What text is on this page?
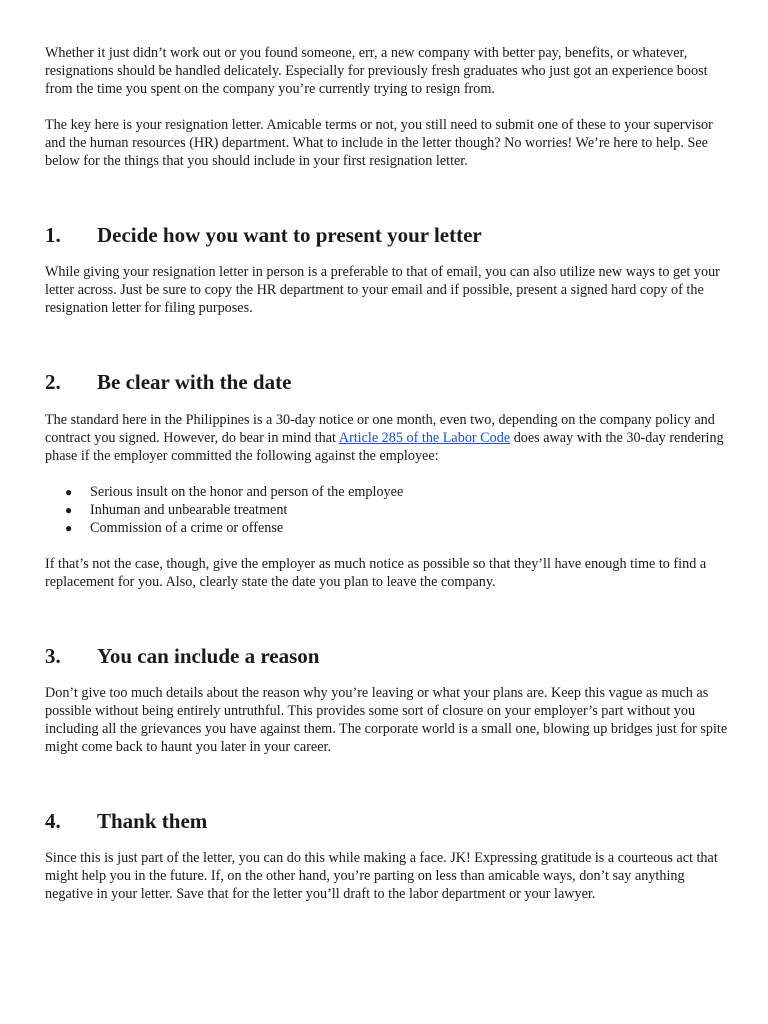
Whether it just didn’t work out or you found someone, err, a new company with better pay, benefits, or whatever, resignations should be handled delicately. Especially for previously fresh graduates who just got an experience boost from the time you spent on the company you’re currently trying to resign from.

The key here is your resignation letter. Amicable terms or not, you still need to submit one of these to your supervisor and the human resources (HR) department. What to include in the letter though? No worries! We’re here to help. See below for the things that you should include in your first resignation letter.

1.	Decide how you want to present your letter

While giving your resignation letter in person is a preferable to that of email, you can also utilize new ways to get your letter across. Just be sure to copy the HR department to your email and if possible, present a signed hard copy of the resignation letter for filing purposes.

2.	Be clear with the date

The standard here in the Philippines is a 30-day notice or one month, even two, depending on the company policy and contract you signed. However, do bear in mind that Article 285 of the Labor Code does away with the 30-day rendering phase if the employer committed the following against the employee:

●	Serious insult on the honor and person of the employee
●	Inhuman and unbearable treatment
●	Commission of a crime or offense

If that’s not the case, though, give the employer as much notice as possible so that they’ll have enough time to find a replacement for you. Also, clearly state the date you plan to leave the company.

3.	You can include a reason

Don’t give too much details about the reason why you’re leaving or what your plans are. Keep this vague as much as possible without being entirely untruthful. This provides some sort of closure on your employer’s part without you including all the grievances you have against them. The corporate world is a small one, blowing up bridges just for spite might come back to haunt you later in your career.

4.	Thank them

Since this is just part of the letter, you can do this while making a face. JK! Expressing gratitude is a courteous act that might help you in the future. If, on the other hand, you’re parting on less than amicable ways, don’t say anything negative in your letter. Save that for the letter you’ll draft to the labor department or your lawyer.
